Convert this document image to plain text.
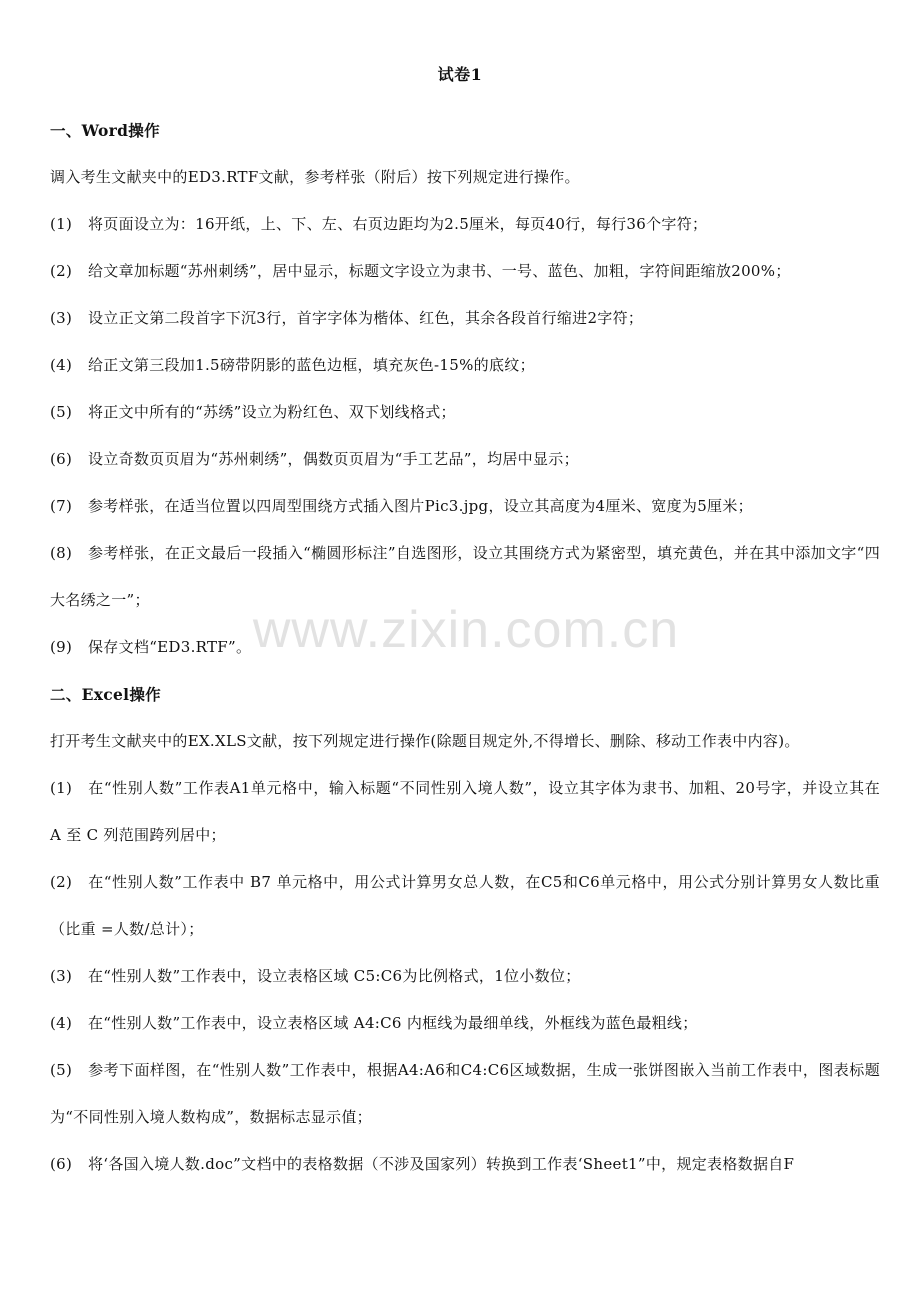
试卷1
一、Word操作
调入考生文献夹中的ED3.RTF文献，参考样张（附后）按下列规定进行操作。
(1) 将页面设立为：16开纸，上、下、左、右页边距均为2.5厘米，每页40行，每行36个字符；
(2) 给文章加标题“苏州刺绣”，居中显示，标题文字设立为隶书、一号、蓝色、加粗，字符间距缩放200%；
(3) 设立正文第二段首字下沉3行，首字字体为楷体、红色，其余各段首行缩进2字符；
(4) 给正文第三段加1.5磅带阴影的蓝色边框，填充灰色-15%的底纹；
(5) 将正文中所有的“苏绣”设立为粉红色、双下划线格式；
(6) 设立奇数页页眉为“苏州刺绣”，偶数页页眉为“手工艺品”，均居中显示；
(7) 参考样张，在适当位置以四周型围绕方式插入图片Pic3.jpg，设立其高度为4厘米、宽度为5厘米；
(8) 参考样张，在正文最后一段插入“椭圆形标注”自选图形，设立其围绕方式为紧密型，填充黄色，并在其中添加文字“四大名绣之一”；
(9) 保存文档“ED3.RTF”。
二、Excel操作
打开考生文献夹中的EX.XLS文献，按下列规定进行操作(除题目规定外,不得增长、删除、移动工作表中内容)。
(1) 在“性别人数”工作表A1单元格中，输入标题“不同性别入境人数”，设立其字体为隶书、加粗、20号字，并设立其在 A 至 C 列范围跨列居中；
(2) 在“性别人数”工作表中 B7 单元格中，用公式计算男女总人数，在C5和C6单元格中，用公式分别计算男女人数比重（比重 =人数/总计）；
(3) 在“性别人数”工作表中，设立表格区域 C5:C6为比例格式，1位小数位；
(4) 在“性别人数”工作表中，设立表格区域 A4:C6 内框线为最细单线，外框线为蓝色最粗线；
(5) 参考下面样图，在“性别人数”工作表中，根据A4:A6和C4:C6区域数据，生成一张饼图嵌入当前工作表中，图表标题为“不同性别入境人数构成”，数据标志显示值；
(6) 将‘各国入境人数.doc”文档中的表格数据（不涉及国家列）转换到工作表‘Sheet1”中，规定表格数据自F
www.zixin.com.cn
